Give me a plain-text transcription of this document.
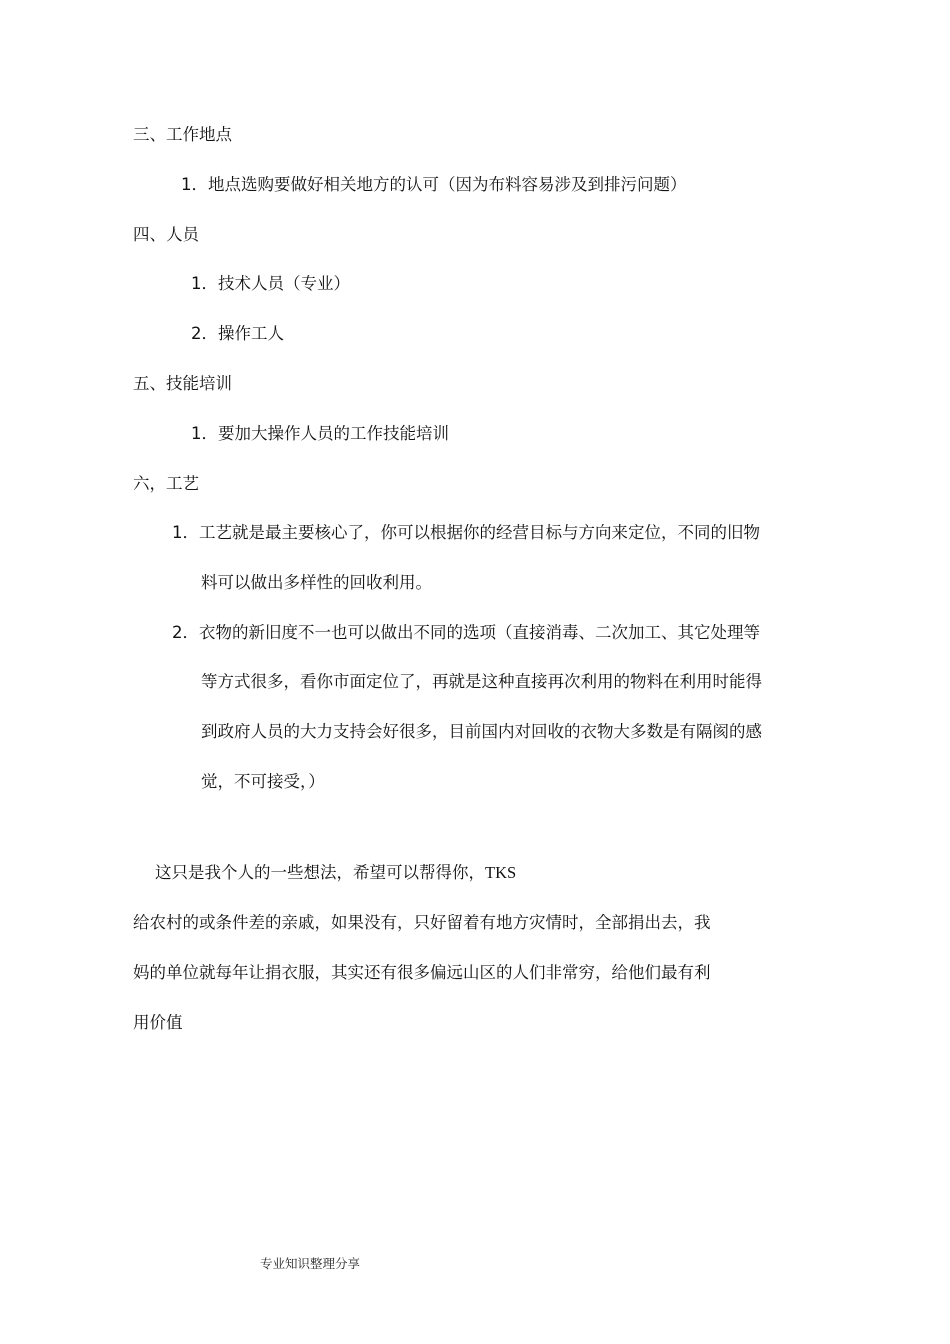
三、工作地点
1．地点选购要做好相关地方的认可（因为布料容易涉及到排污问题）
四、人员
1．技术人员（专业）
2．操作工人
五、技能培训
1．要加大操作人员的工作技能培训
六，工艺
1．工艺就是最主要核心了，你可以根据你的经营目标与方向来定位，不同的旧物
料可以做出多样性的回收利用。
2．衣物的新旧度不一也可以做出不同的选项（直接消毒、二次加工、其它处理等
等方式很多，看你市面定位了，再就是这种直接再次利用的物料在利用时能得
到政府人员的大力支持会好很多，目前国内对回收的衣物大多数是有隔阂的感
觉，不可接受，）
这只是我个人的一些想法，希望可以帮得你，TKS
给农村的或条件差的亲戚，如果没有，只好留着有地方灾情时，全部捐出去，我
妈的单位就每年让捐衣服，其实还有很多偏远山区的人们非常穷，给他们最有利
用价值
专业知识整理分享
